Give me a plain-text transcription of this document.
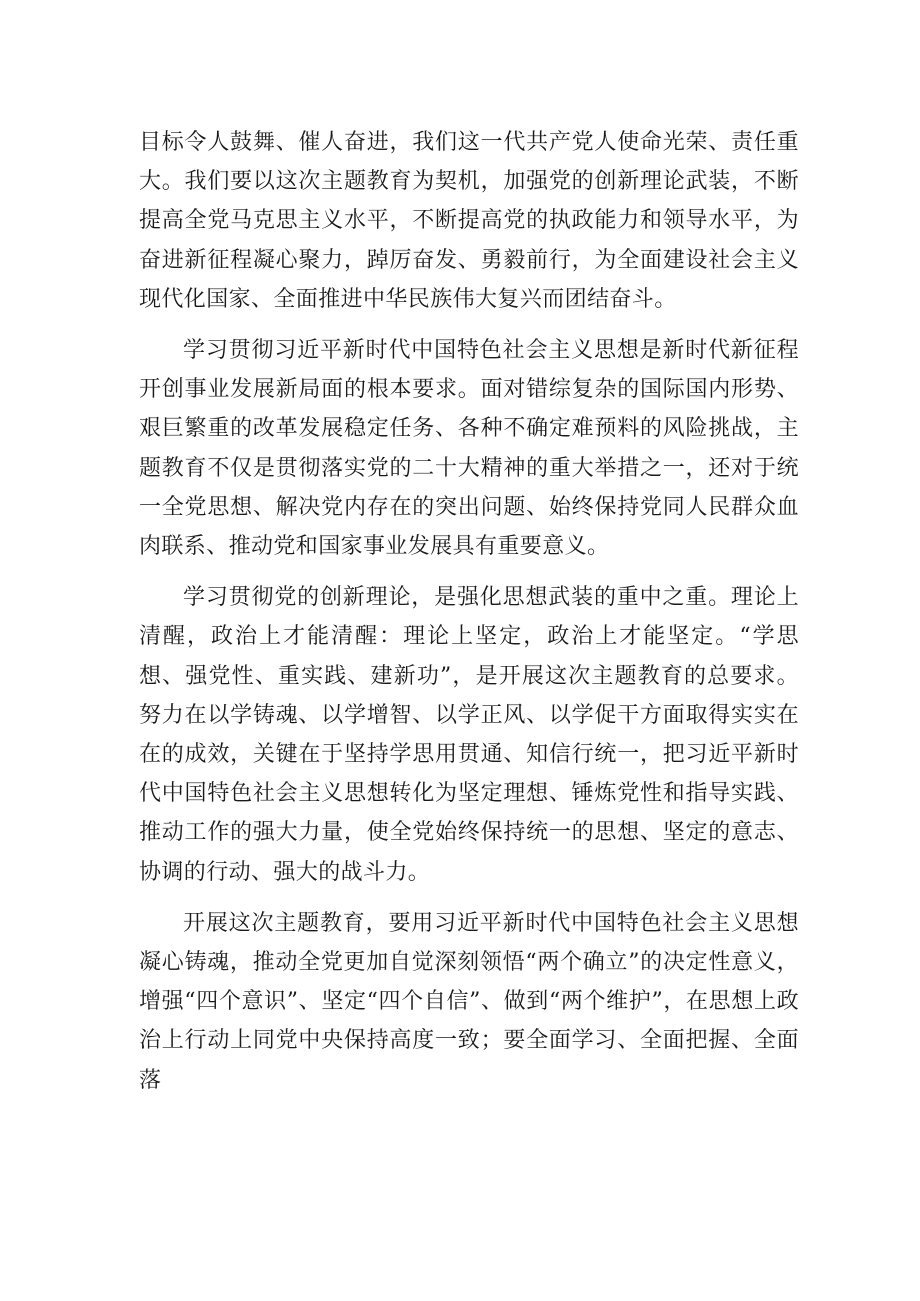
目标令人鼓舞、催人奋进，我们这一代共产党人使命光荣、责任重大。我们要以这次主题教育为契机，加强党的创新理论武装，不断提高全党马克思主义水平，不断提高党的执政能力和领导水平，为奋进新征程凝心聚力，踔厉奋发、勇毅前行，为全面建设社会主义现代化国家、全面推进中华民族伟大复兴而团结奋斗。

学习贯彻习近平新时代中国特色社会主义思想是新时代新征程开创事业发展新局面的根本要求。面对错综复杂的国际国内形势、艰巨繁重的改革发展稳定任务、各种不确定难预料的风险挑战，主题教育不仅是贯彻落实党的二十大精神的重大举措之一，还对于统一全党思想、解决党内存在的突出问题、始终保持党同人民群众血肉联系、推动党和国家事业发展具有重要意义。

学习贯彻党的创新理论，是强化思想武装的重中之重。理论上清醒，政治上才能清醒：理论上坚定，政治上才能坚定。“学思想、强党性、重实践、建新功”，是开展这次主题教育的总要求。努力在以学铸魂、以学增智、以学正风、以学促干方面取得实实在在的成效，关键在于坚持学思用贯通、知信行统一，把习近平新时代中国特色社会主义思想转化为坚定理想、锤炼党性和指导实践、推动工作的强大力量，使全党始终保持统一的思想、坚定的意志、协调的行动、强大的战斗力。

开展这次主题教育，要用习近平新时代中国特色社会主义思想凝心铸魂，推动全党更加自觉深刻领悟“两个确立”的决定性意义，增强“四个意识”、坚定“四个自信”、做到“两个维护”，在思想上政治上行动上同党中央保持高度一致；要全面学习、全面把握、全面落
